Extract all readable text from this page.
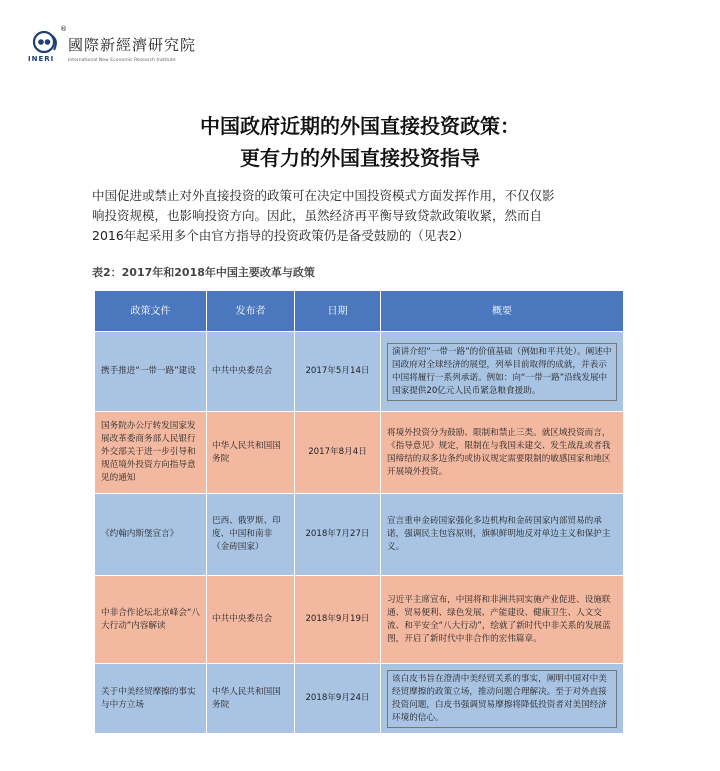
®
國際新經濟研究院
INERI	International New Economic Research Institute
中国政府近期的外国直接投资政策：
更有力的外国直接投资指导
中国促进或禁止对外直接投资的政策可在决定中国投资模式方面发挥作用，不仅仅影
响投资规模，也影响投资方向。因此，虽然经济再平衡导致贷款政策收紧，然而自
2016年起采用多个由官方指导的投资政策仍是备受鼓励的（见表2）
表2：2017年和2018年中国主要改革与政策
政策文件	发布者	日期	概要
携手推进“一带一路”建设	中共中央委员会	2017年5月14日	演讲介绍“一带一路”的价值基础（例如和平共处）。阐述中国政府对全球经济的展望，列举目前取得的成就，并表示中国将履行一系列承诺。例如：向“一带一路”沿线发展中国家提供20亿元人民币紧急粮食援助。

国务院办公厅转发国家发展改革委商务部人民银行外交部关于进一步引导和规范境外投资方向指导意见的通知	中华人民共和国国务院	2017年8月4日	将境外投资分为鼓励、限制和禁止三类。就区域投资而言，《指导意见》规定，限制在与我国未建交、发生战乱或者我国缔结的双多边条约或协议规定需要限制的敏感国家和地区开展境外投资。
《约翰内斯堡宣言》	巴西、俄罗斯、印度、中国和南非（金砖国家）	2018年7月27日	宣言重申金砖国家强化多边机构和金砖国家内部贸易的承诺，强调民主包容原则，旗帜鲜明地反对单边主义和保护主义。
中非合作论坛北京峰会“八大行动”内容解读	中共中央委员会	2018年9月19日	习近平主席宣布，中国将和非洲共同实施产业促进、设施联通、贸易便利、绿色发展、产能建设、健康卫生、人文交流、和平安全“八大行动”，绘就了新时代中非关系的发展蓝图，开启了新时代中非合作的宏伟篇章。
关于中美经贸摩擦的事实与中方立场	中华人民共和国国务院	2018年9月24日	该白皮书旨在澄清中美经贸关系的事实，阐明中国对中美经贸摩擦的政策立场，推动问题合理解决。至于对外直接投资问题，白皮书强调贸易摩擦将降低投资者对美国经济环境的信心。
